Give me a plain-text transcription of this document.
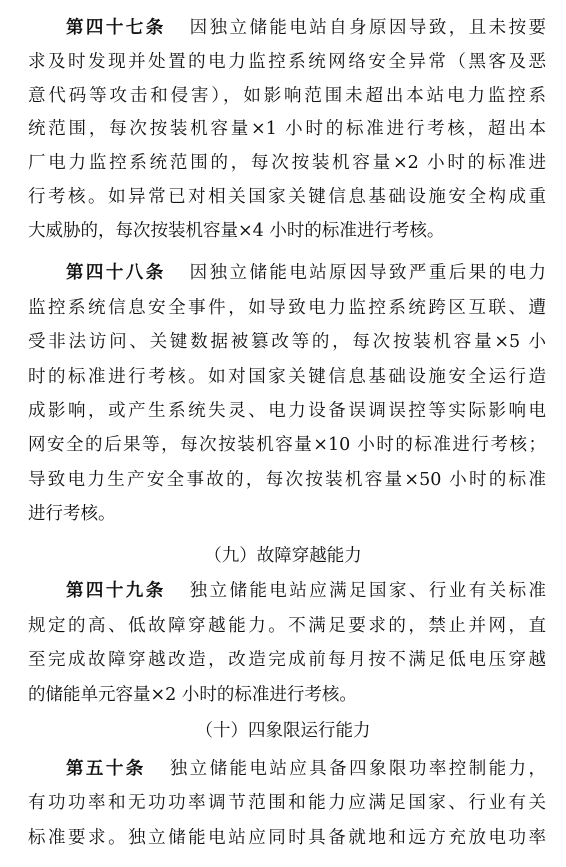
第四十七条 因独立储能电站自身原因导致，且未按要
求及时发现并处置的电力监控系统网络安全异常（黑客及恶
意代码等攻击和侵害），如影响范围未超出本站电力监控系
统范围，每次按装机容量×1 小时的标准进行考核，超出本
厂电力监控系统范围的，每次按装机容量×2 小时的标准进
行考核。如异常已对相关国家关键信息基础设施安全构成重
大威胁的，每次按装机容量×4 小时的标准进行考核。
第四十八条 因独立储能电站原因导致严重后果的电力
监控系统信息安全事件，如导致电力监控系统跨区互联、遭
受非法访问、关键数据被篡改等的，每次按装机容量×5 小
时的标准进行考核。如对国家关键信息基础设施安全运行造
成影响，或产生系统失灵、电力设备误调误控等实际影响电
网安全的后果等，每次按装机容量×10 小时的标准进行考核；
导致电力生产安全事故的，每次按装机容量×50 小时的标准
进行考核。
（九）故障穿越能力
第四十九条 独立储能电站应满足国家、行业有关标准
规定的高、低故障穿越能力。不满足要求的，禁止并网，直
至完成故障穿越改造，改造完成前每月按不满足低电压穿越
的储能单元容量×2 小时的标准进行考核。
（十）四象限运行能力
第五十条 独立储能电站应具备四象限功率控制能力，
有功功率和无功功率调节范围和能力应满足国家、行业有关
标准要求。独立储能电站应同时具备就地和远方充放电功率
